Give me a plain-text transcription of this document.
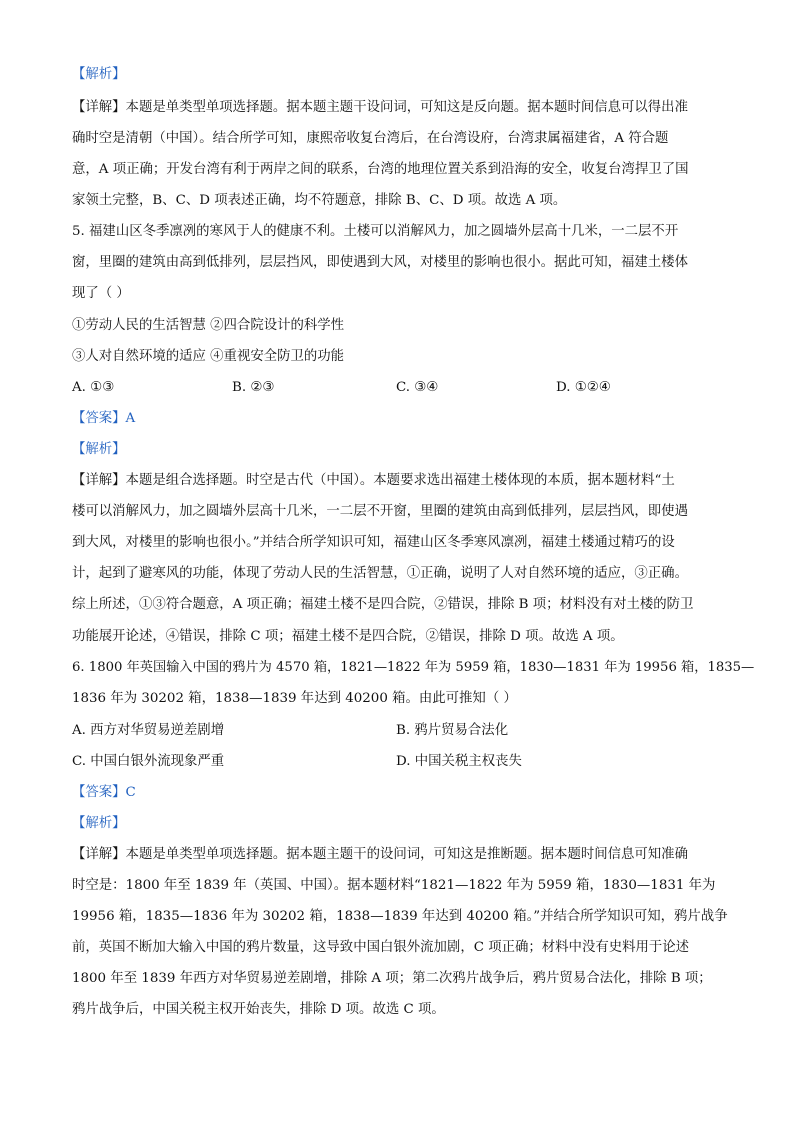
【解析】
【详解】本题是单类型单项选择题。据本题主题干设问词，可知这是反向题。据本题时间信息可以得出准
确时空是清朝（中国）。结合所学可知，康熙帝收复台湾后，在台湾设府，台湾隶属福建省，A 符合题
意，A 项正确；开发台湾有利于两岸之间的联系，台湾的地理位置关系到沿海的安全，收复台湾捍卫了国
家领土完整，B、C、D 项表述正确，均不符题意，排除 B、C、D 项。故选 A 项。
5. 福建山区冬季凛冽的寒风于人的健康不利。土楼可以消解风力，加之圆墙外层高十几米，一二层不开
窗，里圈的建筑由高到低排列，层层挡风，即使遇到大风，对楼里的影响也很小。据此可知，福建土楼体
现了（ ）
①劳动人民的生活智慧 ②四合院设计的科学性
③人对自然环境的适应 ④重视安全防卫的功能
A. ①③	B. ②③	C. ③④	D. ①②④
【答案】A
【解析】
【详解】本题是组合选择题。时空是古代（中国）。本题要求选出福建土楼体现的本质，据本题材料“土
楼可以消解风力，加之圆墙外层高十几米，一二层不开窗，里圈的建筑由高到低排列，层层挡风，即使遇
到大风，对楼里的影响也很小。”并结合所学知识可知，福建山区冬季寒风凛冽，福建土楼通过精巧的设
计，起到了避寒风的功能，体现了劳动人民的生活智慧，①正确，说明了人对自然环境的适应，③正确。
综上所述，①③符合题意，A 项正确；福建土楼不是四合院，②错误，排除 B 项；材料没有对土楼的防卫
功能展开论述，④错误，排除 C 项；福建土楼不是四合院，②错误，排除 D 项。故选 A 项。
6. 1800 年英国输入中国的鸦片为 4570 箱，1821—1822 年为 5959 箱，1830—1831 年为 19956 箱，1835—
1836 年为 30202 箱，1838—1839 年达到 40200 箱。由此可推知（ ）
A. 西方对华贸易逆差剧增	B. 鸦片贸易合法化
C. 中国白银外流现象严重	D. 中国关税主权丧失
【答案】C
【解析】
【详解】本题是单类型单项选择题。据本题主题干的设问词，可知这是推断题。据本题时间信息可知准确
时空是：1800 年至 1839 年（英国、中国）。据本题材料“1821—1822 年为 5959 箱，1830—1831 年为
19956 箱，1835—1836 年为 30202 箱，1838—1839 年达到 40200 箱。”并结合所学知识可知，鸦片战争
前，英国不断加大输入中国的鸦片数量，这导致中国白银外流加剧，C 项正确；材料中没有史料用于论述
1800 年至 1839 年西方对华贸易逆差剧增，排除 A 项；第二次鸦片战争后，鸦片贸易合法化，排除 B 项；
鸦片战争后，中国关税主权开始丧失，排除 D 项。故选 C 项。
